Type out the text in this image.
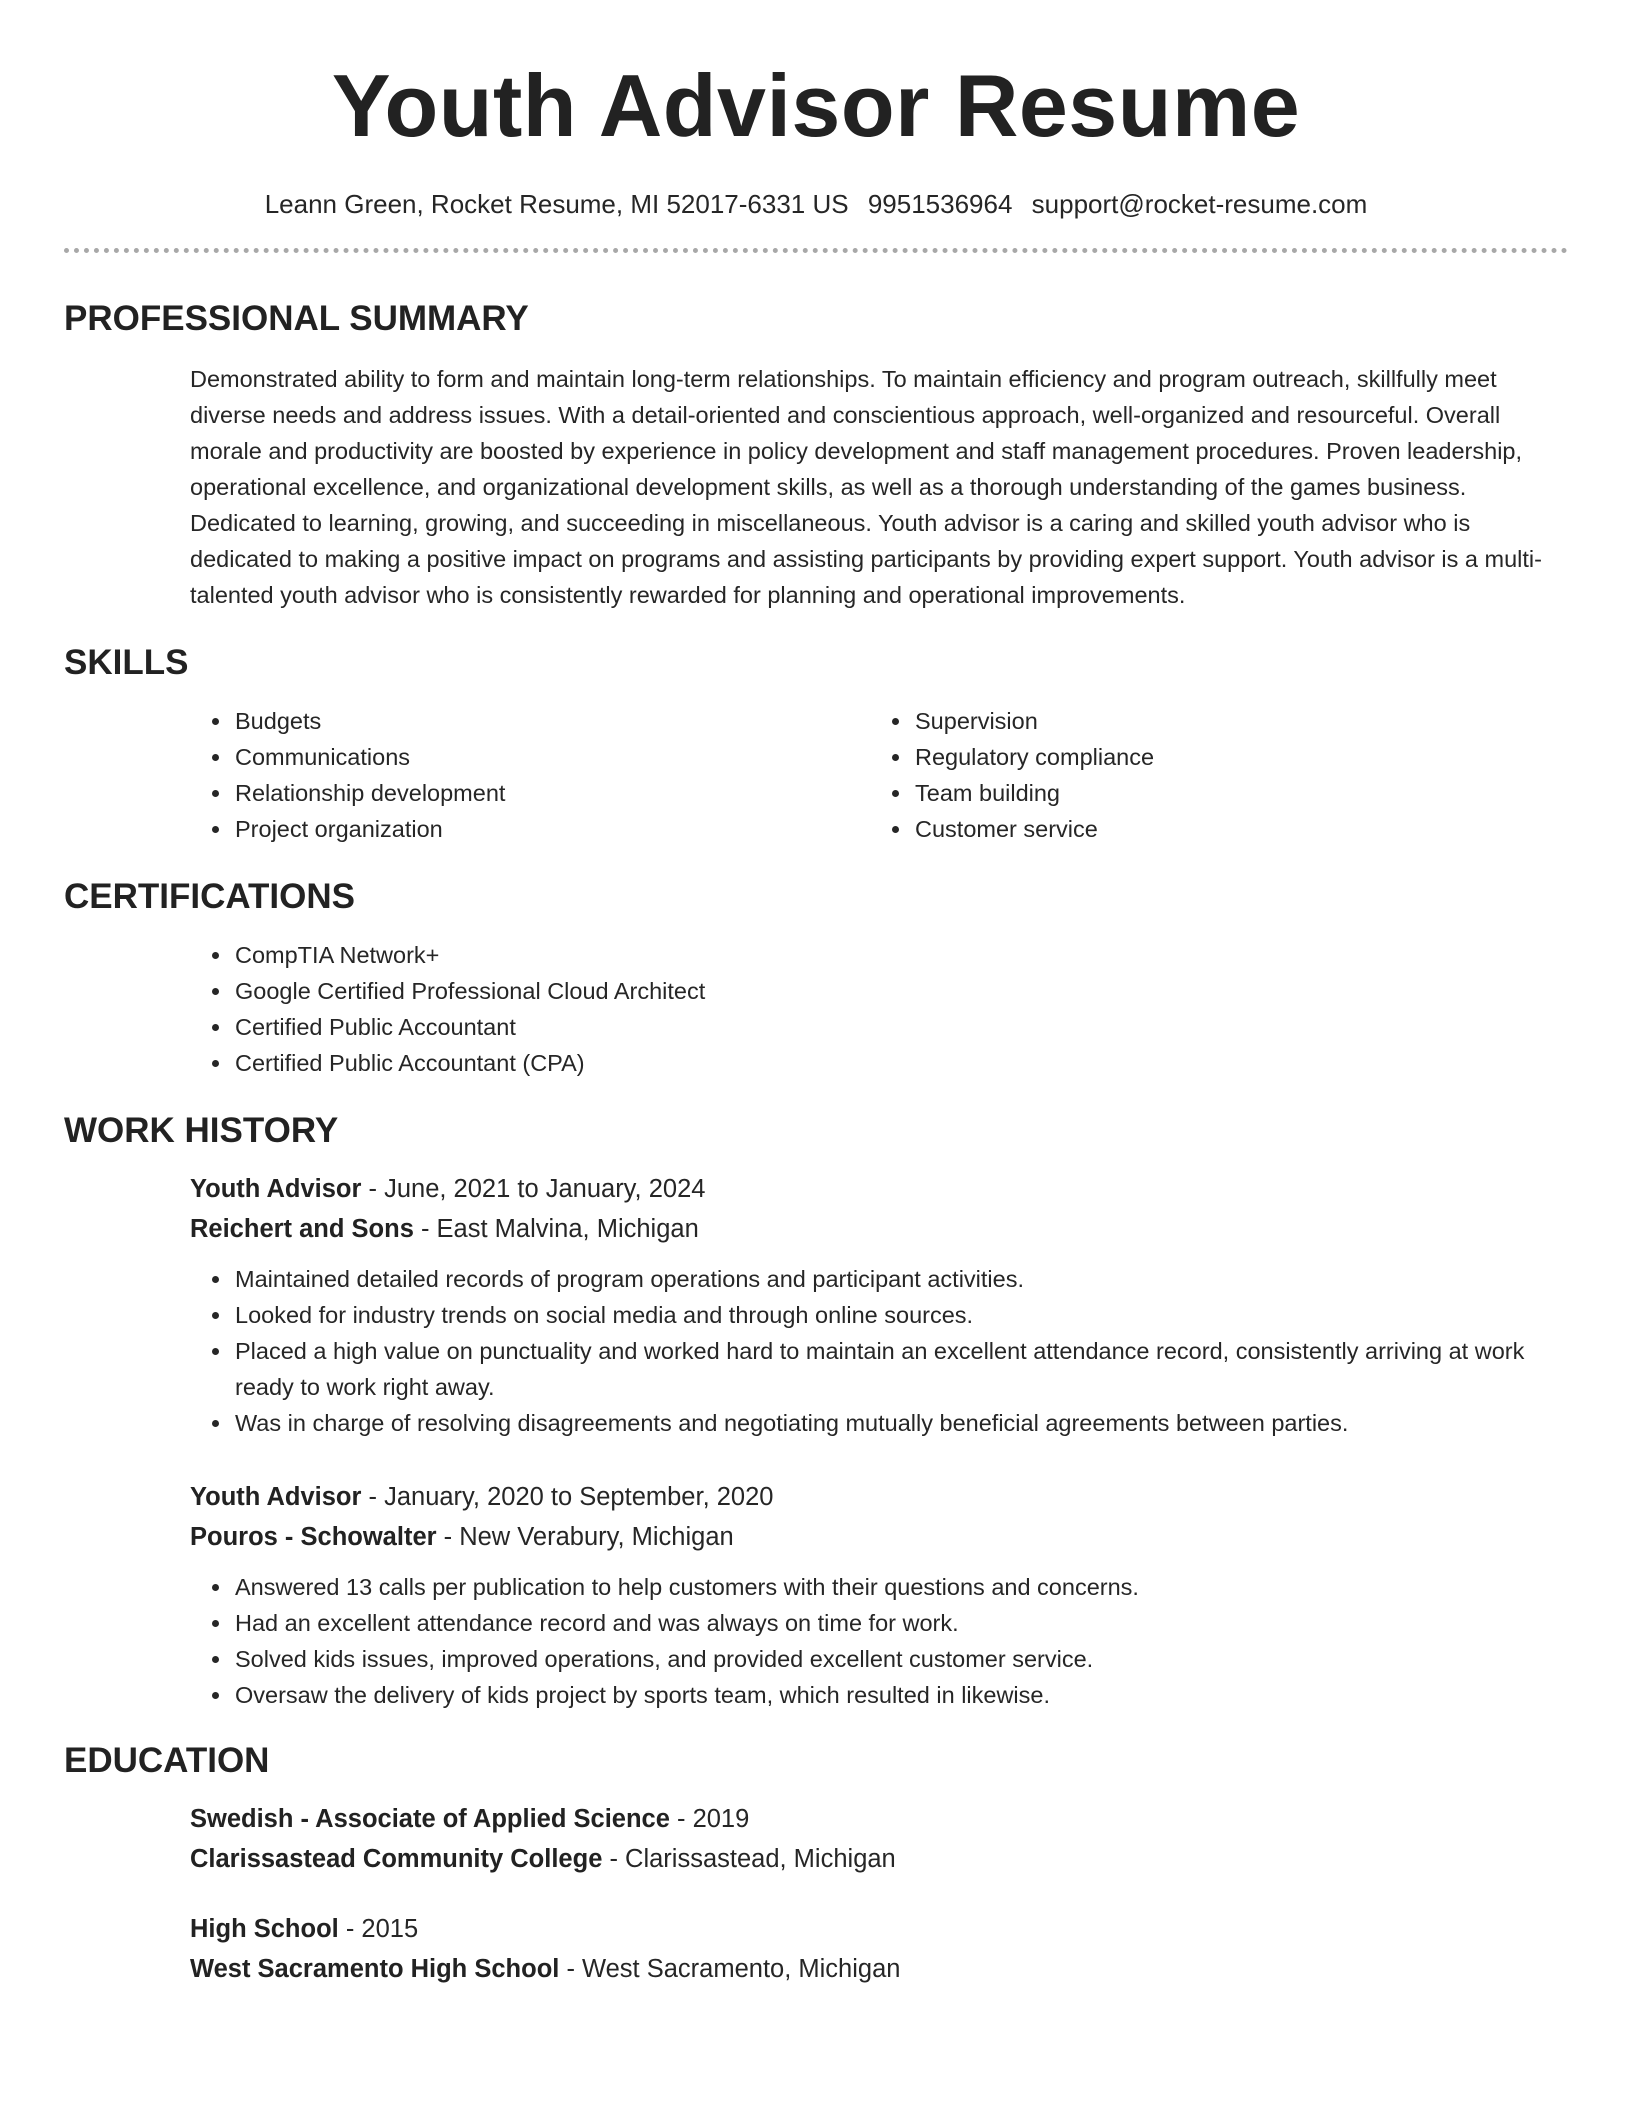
Youth Advisor Resume
Leann Green, Rocket Resume, MI 52017-6331 US 9951536964 support@rocket-resume.com
PROFESSIONAL SUMMARY

Demonstrated ability to form and maintain long-term relationships. To maintain efficiency and program outreach, skillfully meet diverse needs and address issues. With a detail-oriented and conscientious approach, well-organized and resourceful. Overall morale and productivity are boosted by experience in policy development and staff management procedures. Proven leadership, operational excellence, and organizational development skills, as well as a thorough understanding of the games business. Dedicated to learning, growing, and succeeding in miscellaneous. Youth advisor is a caring and skilled youth advisor who is dedicated to making a positive impact on programs and assisting participants by providing expert support. Youth advisor is a multi-talented youth advisor who is consistently rewarded for planning and operational improvements.

SKILLS
• Budgets
• Communications
• Relationship development
• Project organization
• Supervision
• Regulatory compliance
• Team building
• Customer service
CERTIFICATIONS
• CompTIA Network+
• Google Certified Professional Cloud Architect
• Certified Public Accountant
• Certified Public Accountant (CPA)
WORK HISTORY
Youth Advisor - June, 2021 to January, 2024
Reichert and Sons - East Malvina, Michigan
• Maintained detailed records of program operations and participant activities.
• Looked for industry trends on social media and through online sources.
• Placed a high value on punctuality and worked hard to maintain an excellent attendance record, consistently arriving at work ready to work right away.
• Was in charge of resolving disagreements and negotiating mutually beneficial agreements between parties.
Youth Advisor - January, 2020 to September, 2020
Pouros - Schowalter - New Verabury, Michigan
• Answered 13 calls per publication to help customers with their questions and concerns.
• Had an excellent attendance record and was always on time for work.
• Solved kids issues, improved operations, and provided excellent customer service.
• Oversaw the delivery of kids project by sports team, which resulted in likewise.
EDUCATION
Swedish - Associate of Applied Science - 2019
Clarissastead Community College - Clarissastead, Michigan
High School - 2015
West Sacramento High School - West Sacramento, Michigan
